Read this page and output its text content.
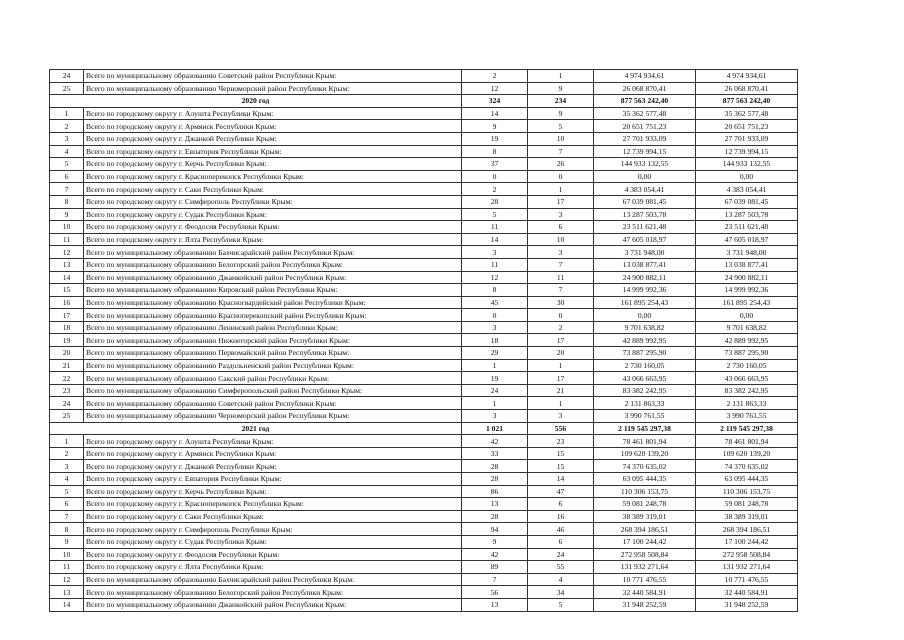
24	Всего по муниципальному образованию Советский район Республики Крым:	2	1	4 974 934,61	4 974 934,61
25	Всего по муниципальному образованию Черноморский район Республики Крым:	12	9	26 068 870,41	26 068 870,41
2020 год		324	234	877 563 242,40	877 563 242,40
1	Всего по городскому округу г. Алушта Республики Крым:	14	9	35 362 577,48	35 362 577,48
2	Всего по городскому округу г. Армянск Республики Крым:	9	5	20 651 751,23	20 651 751,23
3	Всего по городскому округу г. Джанкой Республики Крым:	19	10	27 701 933,09	27 701 933,09
4	Всего по городскому округу г. Евпатория Республики Крым:	8	7	12 739 994,15	12 739 994,15
5	Всего по городскому округу г. Керчь Республики Крым:	37	26	144 933 132,55	144 933 132,55
6	Всего по городскому округу г. Красноперекопск Республики Крым:	0	0	0,00	0,00
7	Всего по городскому округу г. Саки Республики Крым:	2	1	4 383 054,41	4 383 054,41
8	Всего по городскому округу г. Симферополь Республики Крым:	28	17	67 039 081,45	67 039 081,45
9	Всего по городскому округу г. Судак Республики Крым:	5	3	13 287 503,78	13 287 503,78
10	Всего по городскому округу г. Феодосия Республики Крым:	11	6	23 511 621,48	23 511 621,48
11	Всего по городскому округу г. Ялта Республики Крым:	14	10	47 605 018,97	47 605 018,97
12	Всего по муниципальному образованию Бахчисарайский район Республики Крым:	3	3	3 731 948,00	3 731 948,00
13	Всего по муниципальному образованию Белогорский район Республики Крым:	11	7	13 038 877,41	13 038 877,41
14	Всего по муниципальному образованию Джанкойский район Республики Крым:	12	11	24 900 882,11	24 900 882,11
15	Всего по муниципальному образованию Кировский район Республики Крым:	8	7	14 999 992,36	14 999 992,36
16	Всего по муниципальному образованию Красногвардейский район Республики Крым:	45	30	161 895 254,43	161 895 254,43
17	Всего по муниципальному образованию Красноперекопский район Республики Крым:	0	0	0,00	0,00
18	Всего по муниципальному образованию Ленинский район Республики Крым:	3	2	9 701 638,82	9 701 638,82
19	Всего по муниципальному образованию Нижнегорский район Республики Крым:	18	17	42 889 992,95	42 889 992,95
20	Всего по муниципальному образованию Первомайский район Республики Крым:	29	20	73 887 295,90	73 887 295,90
21	Всего по муниципальному образованию Раздольненский район Республики Крым:	1	1	2 730 160,05	2 730 160,05
22	Всего по муниципальному образованию Сакский район Республики Крым:	19	17	43 066 663,95	43 066 663,95
23	Всего по муниципальному образованию Симферопольский район Республики Крым:	24	21	83 382 242,95	83 382 242,95
24	Всего по муниципальному образованию Советский район Республики Крым:	1	1	2 131 863,33	2 131 863,33
25	Всего по муниципальному образованию Черноморский район Республики Крым:	3	3	3 990 761,55	3 990 761,55
2021 год		1 021	556	2 119 545 297,38	2 119 545 297,38
1	Всего по городскому округу г. Алушта Республики Крым:	42	23	78 461 801,94	78 461 801,94
2	Всего по городскому округу г. Армянск Республики Крым:	33	15	109 620 139,20	109 620 139,20
3	Всего по городскому округу г. Джанкой Республики Крым:	28	15	74 370 635,02	74 370 635,02
4	Всего по городскому округу г. Евпатория Республики Крым:	28	14	63 095 444,35	63 095 444,35
5	Всего по городскому округу г. Керчь Республики Крым:	86	47	110 306 153,75	110 306 153,75
6	Всего по городскому округу г. Красноперекопск Республики Крым:	13	6	59 081 248,78	59 081 248,78
7	Всего по городскому округу г. Саки Республики Крым:	28	16	38 389 319,01	38 389 319,01
8	Всего по городскому округу г. Симферополь Республики Крым:	94	46	268 394 186,51	268 394 186,51
9	Всего по городскому округу г. Судак Республики Крым:	9	6	17 100 244,42	17 100 244,42
10	Всего по городскому округу г. Феодосия Республики Крым:	42	24	272 958 508,84	272 958 508,84
11	Всего по городскому округу г. Ялта Республики Крым:	89	55	131 932 271,64	131 932 271,64
12	Всего по муниципальному образованию Бахчисарайский район Республики Крым:	7	4	10 771 476,55	10 771 476,55
13	Всего по муниципальному образованию Белогорский район Республики Крым:	56	34	32 440 584,91	32 440 584,91
14	Всего по муниципальному образованию Джанкойский район Республики Крым:	13	5	31 948 252,59	31 948 252,59
